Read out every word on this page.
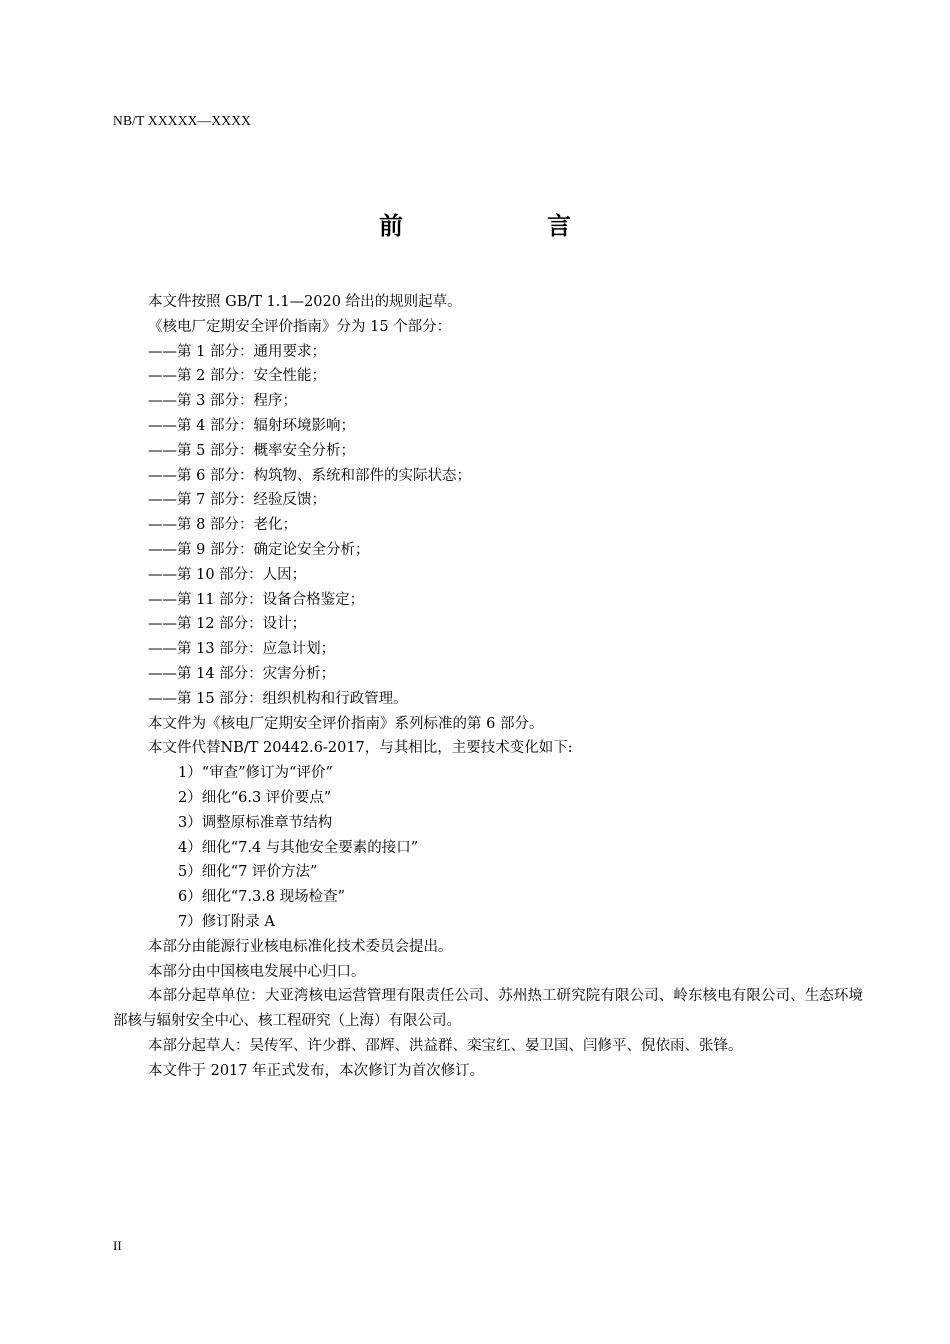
NB/T XXXXX—XXXX
前　言
本文件按照 GB/T 1.1—2020 给出的规则起草。
《核电厂定期安全评价指南》分为 15 个部分：
——第 1 部分：通用要求；
——第 2 部分：安全性能；
——第 3 部分：程序；
——第 4 部分：辐射环境影响；
——第 5 部分：概率安全分析；
——第 6 部分：构筑物、系统和部件的实际状态；
——第 7 部分：经验反馈；
——第 8 部分：老化；
——第 9 部分：确定论安全分析；
——第 10 部分：人因；
——第 11 部分：设备合格鉴定；
——第 12 部分：设计；
——第 13 部分：应急计划；
——第 14 部分：灾害分析；
——第 15 部分：组织机构和行政管理。
本文件为《核电厂定期安全评价指南》系列标准的第 6 部分。
本文件代替NB/T 20442.6-2017，与其相比，主要技术变化如下:
1）“审查”修订为“评价”
2）细化“6.3 评价要点”
3）调整原标准章节结构
4）细化“7.4 与其他安全要素的接口”
5）细化“7 评价方法”
6）细化“7.3.8 现场检查”
7）修订附录 A
本部分由能源行业核电标准化技术委员会提出。
本部分由中国核电发展中心归口。
本部分起草单位：大亚湾核电运营管理有限责任公司、苏州热工研究院有限公司、岭东核电有限公司、生态环境部核与辐射安全中心、核工程研究（上海）有限公司。
本部分起草人：吴传军、许少群、邵辉、洪益群、栾宝红、晏卫国、闫修平、倪依雨、张锋。
本文件于 2017 年正式发布，本次修订为首次修订。
II
